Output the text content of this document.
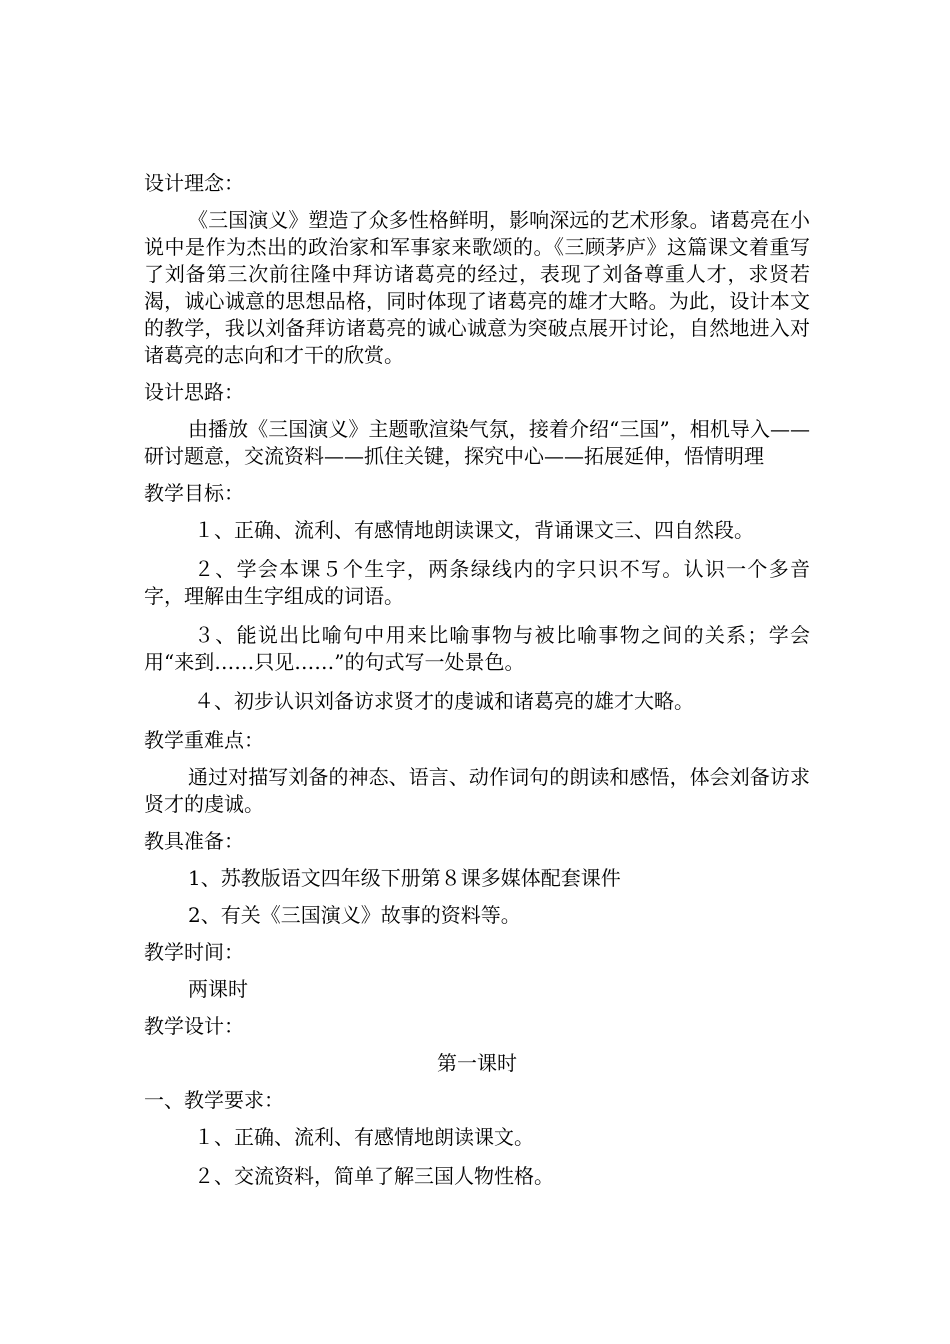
设计理念：
《三国演义》塑造了众多性格鲜明，影响深远的艺术形象。诸葛亮在小说中是作为杰出的政治家和军事家来歌颂的。《三顾茅庐》这篇课文着重写了刘备第三次前往隆中拜访诸葛亮的经过，表现了刘备尊重人才，求贤若渴，诚心诚意的思想品格，同时体现了诸葛亮的雄才大略。为此，设计本文的教学，我以刘备拜访诸葛亮的诚心诚意为突破点展开讨论，自然地进入对诸葛亮的志向和才干的欣赏。
设计思路：
由播放《三国演义》主题歌渲染气氛，接着介绍“三国”，相机导入——研讨题意，交流资料——抓住关键，探究中心——拓展延伸，悟情明理
教学目标：
１、正确、流利、有感情地朗读课文，背诵课文三、四自然段。
２、学会本课５个生字，两条绿线内的字只识不写。认识一个多音字，理解由生字组成的词语。
３、能说出比喻句中用来比喻事物与被比喻事物之间的关系；学会用“来到……只见……”的句式写一处景色。
４、初步认识刘备访求贤才的虔诚和诸葛亮的雄才大略。
教学重难点：
通过对描写刘备的神态、语言、动作词句的朗读和感悟，体会刘备访求贤才的虔诚。
教具准备：
1、苏教版语文四年级下册第８课多媒体配套课件
2、有关《三国演义》故事的资料等。
教学时间：
两课时
教学设计：
第一课时
一、教学要求：
１、正确、流利、有感情地朗读课文。
２、交流资料，简单了解三国人物性格。
